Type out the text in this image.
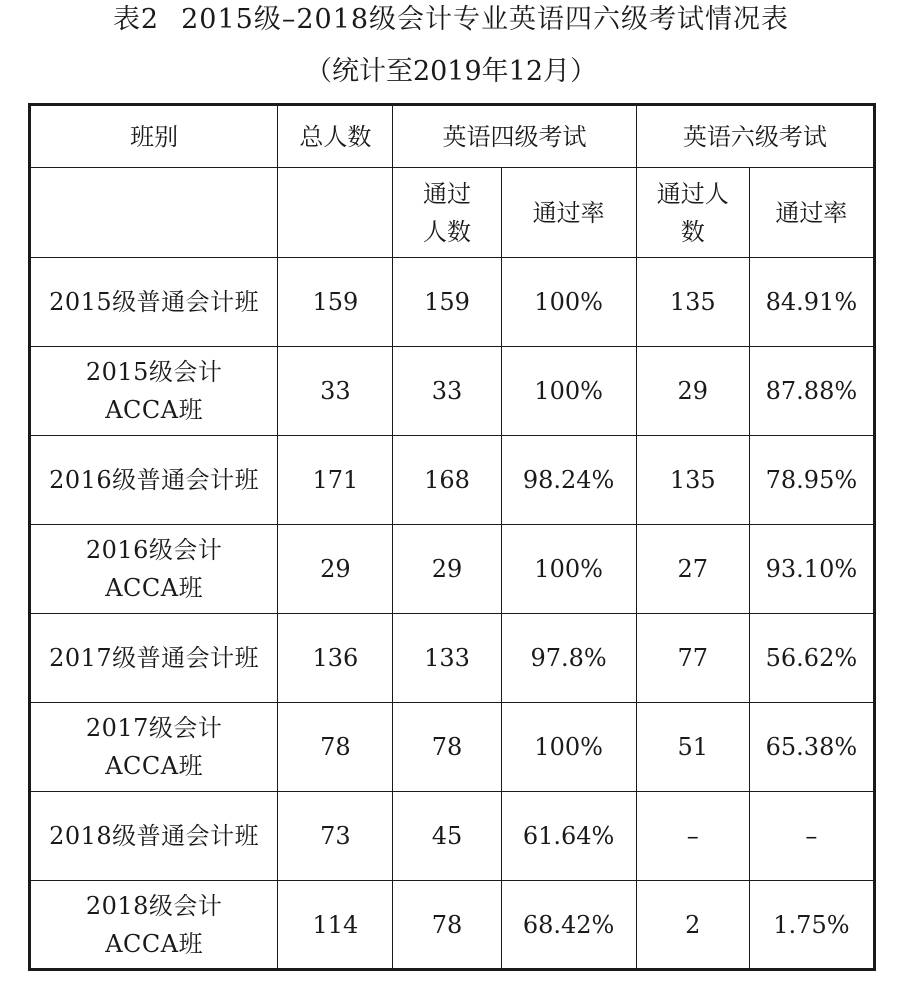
表2 2015级–2018级会计专业英语四六级考试情况表
（统计至2019年12月）
班别	总人数	英语四级考试		英语六级考试	
		通过人数	通过率	通过人数	通过率
2015级普通会计班	159	159	100%	135	84.91%
2015级会计ACCA班	33	33	100%	29	87.88%
2016级普通会计班	171	168	98.24%	135	78.95%
2016级会计ACCA班	29	29	100%	27	93.10%
2017级普通会计班	136	133	97.8%	77	56.62%
2017级会计ACCA班	78	78	100%	51	65.38%
2018级普通会计班	73	45	61.64%	–	–
2018级会计ACCA班	114	78	68.42%	2	1.75%
